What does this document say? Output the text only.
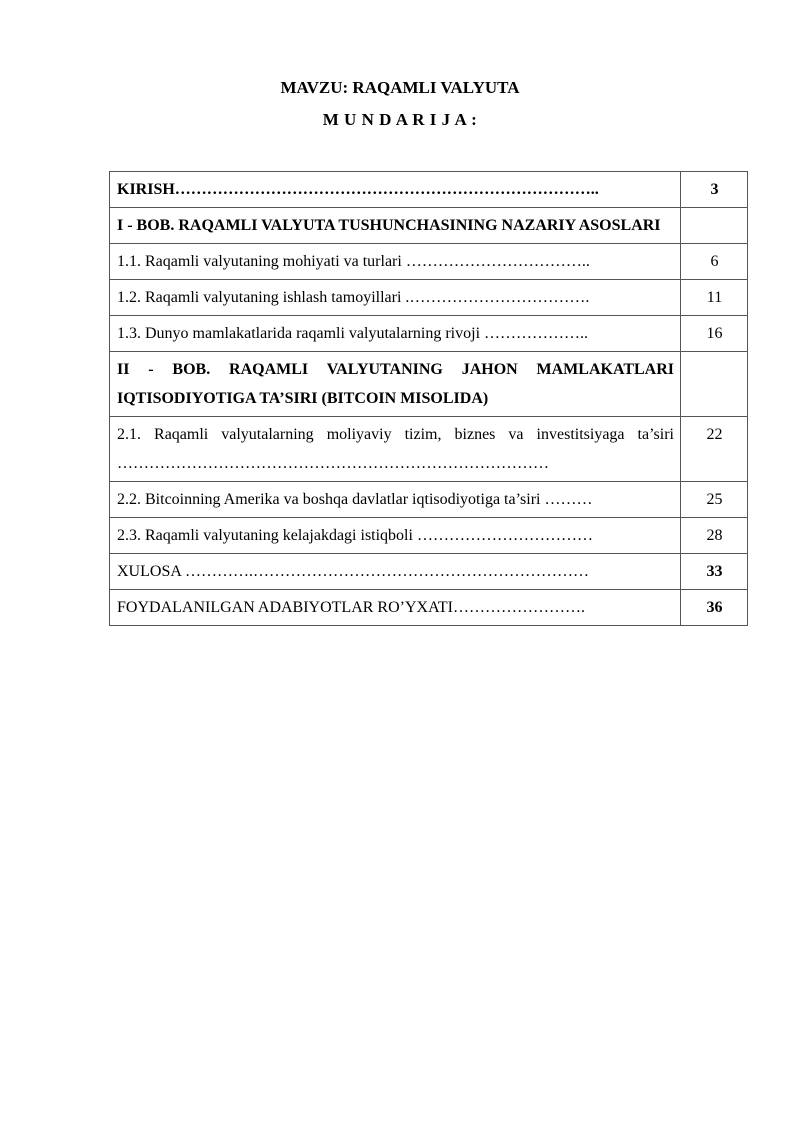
MAVZU: RAQAMLI VALYUTA
M U N D A R I J A :
KIRISH……………………………………………………………………..	3
I - BOB. RAQAMLI VALYUTA TUSHUNCHASINING NAZARIY ASOSLARI	
1.1. Raqamli valyutaning mohiyati va turlari ……………………………..	6
1.2. Raqamli valyutaning ishlash tamoyillari .…………………………….	11
1.3. Dunyo mamlakatlarida raqamli valyutalarning rivoji ………………..	16
II - BOB. RAQAMLI VALYUTANING JAHON MAMLAKATLARI IQTISODIYOTIGA TA’SIRI (BITCOIN MISOLIDA)	
2.1. Raqamli valyutalarning moliyaviy tizim, biznes va investitsiyaga ta’siri ………………………………………………………………………	22
2.2. Bitcoinning Amerika va boshqa davlatlar iqtisodiyotiga ta’siri ………	25
2.3. Raqamli valyutaning kelajakdagi istiqboli ……………………………	28
XULOSA ………….………………………………………………………	33
FOYDALANILGAN ADABIYOTLAR RO’YXATI…………………….	36
